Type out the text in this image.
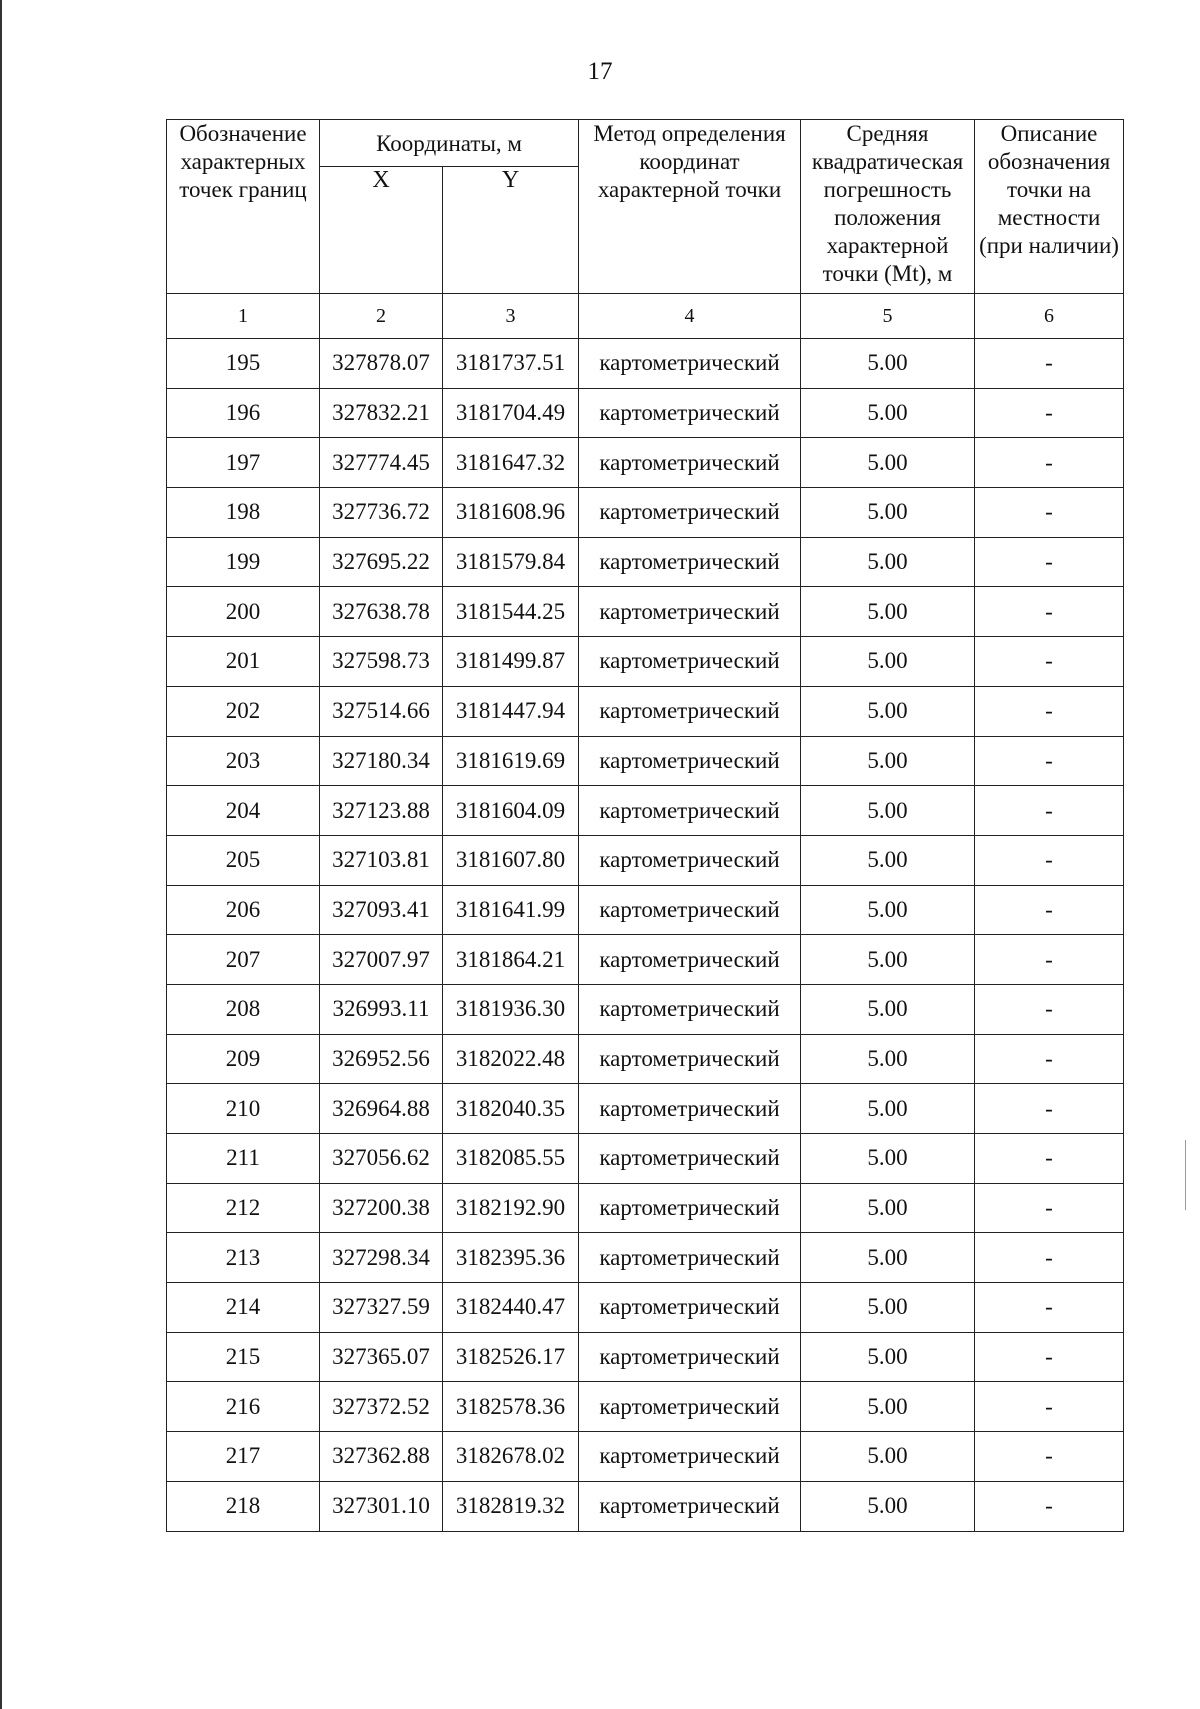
17
Обозначение характерных точек границ	Координаты, м		Метод определения координат характерной точки	Средняя квадратическая погрешность положения характерной точки (Mt), м	Описание обозначения точки на местности (при наличии)
	X	Y			
1	2	3	4	5	6
195	327878.07	3181737.51	картометрический	5.00	-
196	327832.21	3181704.49	картометрический	5.00	-
197	327774.45	3181647.32	картометрический	5.00	-
198	327736.72	3181608.96	картометрический	5.00	-
199	327695.22	3181579.84	картометрический	5.00	-
200	327638.78	3181544.25	картометрический	5.00	-
201	327598.73	3181499.87	картометрический	5.00	-
202	327514.66	3181447.94	картометрический	5.00	-
203	327180.34	3181619.69	картометрический	5.00	-
204	327123.88	3181604.09	картометрический	5.00	-
205	327103.81	3181607.80	картометрический	5.00	-
206	327093.41	3181641.99	картометрический	5.00	-
207	327007.97	3181864.21	картометрический	5.00	-
208	326993.11	3181936.30	картометрический	5.00	-
209	326952.56	3182022.48	картометрический	5.00	-
210	326964.88	3182040.35	картометрический	5.00	-
211	327056.62	3182085.55	картометрический	5.00	-
212	327200.38	3182192.90	картометрический	5.00	-
213	327298.34	3182395.36	картометрический	5.00	-
214	327327.59	3182440.47	картометрический	5.00	-
215	327365.07	3182526.17	картометрический	5.00	-
216	327372.52	3182578.36	картометрический	5.00	-
217	327362.88	3182678.02	картометрический	5.00	-
218	327301.10	3182819.32	картометрический	5.00	-
